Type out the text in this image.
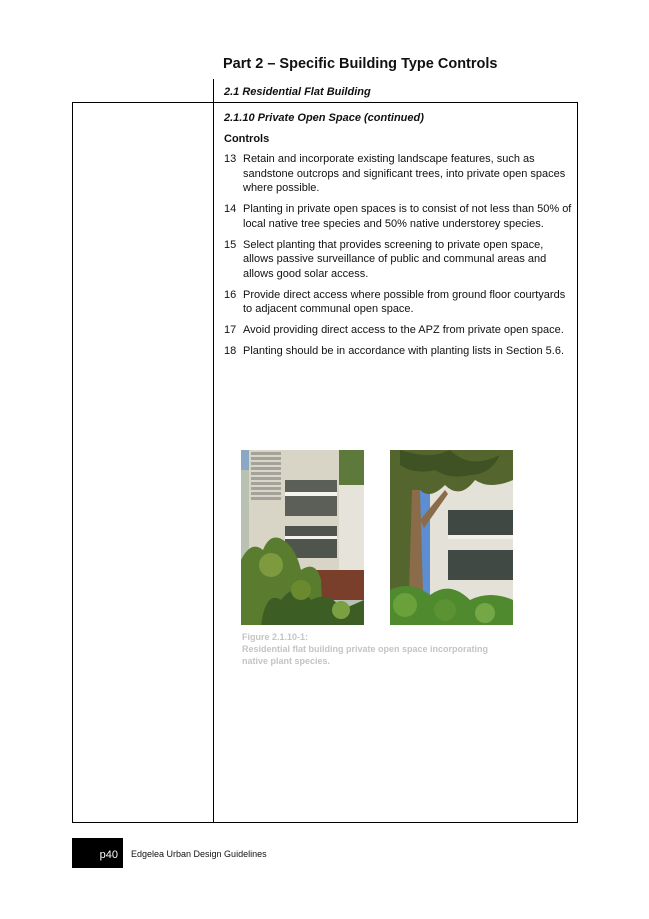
Part 2 – Specific Building Type Controls
2.1 Residential Flat Building
2.1.10 Private Open Space (continued)
Controls
13 Retain and incorporate existing landscape features, such as sandstone outcrops and significant trees, into private open spaces where possible.
14 Planting in private open spaces is to consist of not less than 50% of local native tree species and 50% native understorey species.
15 Select planting that provides screening to private open space, allows passive surveillance of public and communal areas and allows good solar access.
16 Provide direct access where possible from ground floor courtyards to adjacent communal open space.
17 Avoid providing direct access to the APZ from private open space.
18 Planting should be in accordance with planting lists in Section 5.6.
Figure 2.1.10-1:
Residential flat building private open space incorporating native plant species.
p40 Edgelea Urban Design Guidelines
